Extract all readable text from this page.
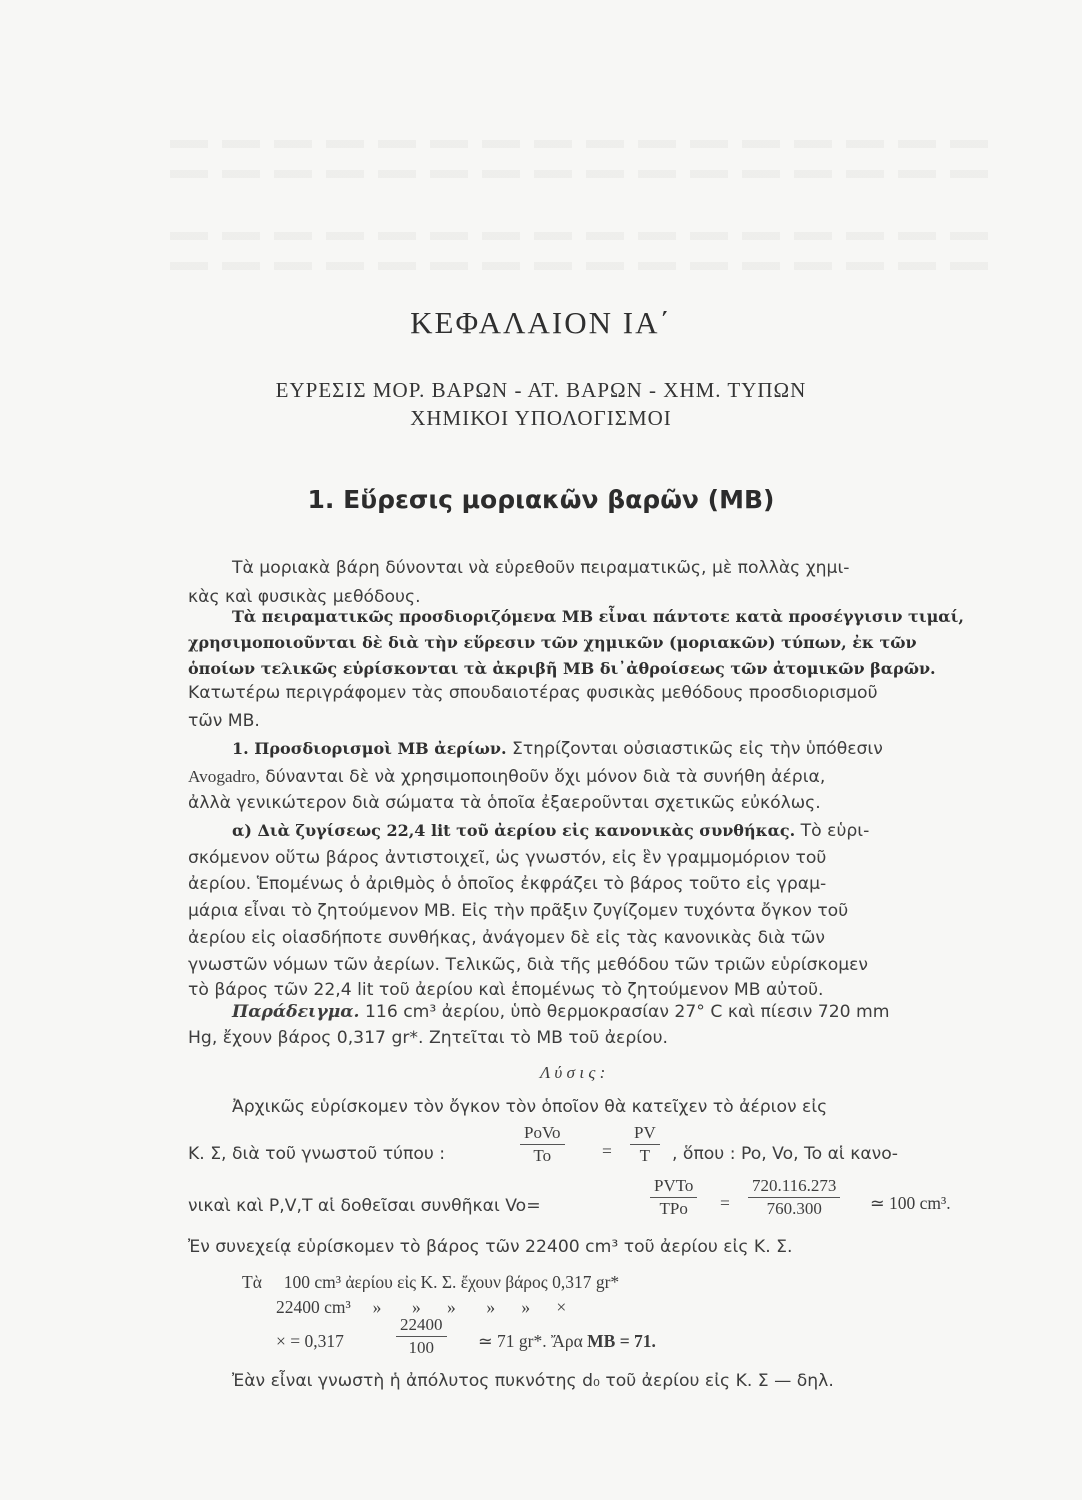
ΚΕΦΑΛΑΙΟΝ ΙΑ΄
ΕΥΡΕΣΙΣ ΜΟΡ. ΒΑΡΩΝ - ΑΤ. ΒΑΡΩΝ - ΧΗΜ. ΤΥΠΩΝ
ΧΗΜΙΚΟΙ ΥΠΟΛΟΓΙΣΜΟΙ
1. Εὕρεσις μοριακῶν βαρῶν (ΜΒ)
Τὰ μοριακὰ βάρη δύνονται νὰ εὑρεθοῦν πειραματικῶς, μὲ πολλὰς χημι-
κὰς καὶ φυσικὰς μεθόδους.
Τὰ πειραματικῶς προσδιοριζόμενα ΜΒ εἶναι πάντοτε κατὰ προσέγγισιν τιμαί,
χρησιμοποιοῦνται δὲ διὰ τὴν εὕρεσιν τῶν χημικῶν (μοριακῶν) τύπων, ἐκ τῶν
ὁποίων τελικῶς εὑρίσκονται τὰ ἀκριβῆ ΜΒ δι᾿ἀθροίσεως τῶν ἀτομικῶν βαρῶν.
Κατωτέρω περιγράφομεν τὰς σπουδαιοτέρας φυσικὰς μεθόδους προσδιορισμοῦ
τῶν ΜΒ.
1. Προσδιορισμοὶ ΜΒ ἀερίων. Στηρίζονται οὐσιαστικῶς εἰς τὴν ὑπόθεσιν
Avogadro, δύνανται δὲ νὰ χρησιμοποιηθοῦν ὄχι μόνον διὰ τὰ συνήθη ἀέρια,
ἀλλὰ γενικώτερον διὰ σώματα τὰ ὁποῖα ἐξαεροῦνται σχετικῶς εὐκόλως.
α) Διὰ ζυγίσεως 22,4 lit τοῦ ἀερίου εἰς κανονικὰς συνθήκας. Τὸ εὑρι-
σκόμενον οὕτω βάρος ἀντιστοιχεῖ, ὡς γνωστόν, εἰς ἓν γραμμομόριον τοῦ
ἀερίου. Ἑπομένως ὁ ἀριθμὸς ὁ ὁποῖος ἐκφράζει τὸ βάρος τοῦτο εἰς γραμ-
μάρια εἶναι τὸ ζητούμενον ΜΒ. Εἰς τὴν πρᾶξιν ζυγίζομεν τυχόντα ὄγκον τοῦ
ἀερίου εἰς οἱασδήποτε συνθήκας, ἀνάγομεν δὲ εἰς τὰς κανονικὰς διὰ τῶν
γνωστῶν νόμων τῶν ἀερίων. Τελικῶς, διὰ τῆς μεθόδου τῶν τριῶν εὑρίσκομεν
τὸ βάρος τῶν 22,4 lit τοῦ ἀερίου καὶ ἑπομένως τὸ ζητούμενον ΜΒ αὐτοῦ.
Παράδειγμα. 116 cm³ ἀερίου, ὑπὸ θερμοκρασίαν 27° C καὶ πίεσιν 720 mm
Hg, ἔχουν βάρος 0,317 gr*. Ζητεῖται τὸ ΜΒ τοῦ ἀερίου.
Λ ύ σ ι ς :
Ἀρχικῶς εὑρίσκομεν τὸν ὄγκον τὸν ὁποῖον θὰ κατεῖχεν τὸ ἀέριον εἰς
Κ. Σ, διὰ τοῦ γνωστοῦ τύπου :
PoVo
To	= $\frac{PV}{T}$ , ὅπου : Po, Vo, To αἱ κανο-
νικαὶ καὶ P,V,T αἱ δοθεῖσαι συνθῆκαι Vo=
PVTo
TPo	= $\frac{720.116.273}{760.300}$ ≃ 100 cm³.
Ἐν συνεχείᾳ εὑρίσκομεν τὸ βάρος τῶν 22400 cm³ τοῦ ἀερίου εἰς Κ. Σ.
Τὰ     100 cm³ ἀερίου εἰς Κ. Σ. ἔχουν βάρος 0,317 gr*
22400 cm³     »       »      »       »      »      ×
× = 0,317	$\frac{22400}{100}$ ≃ 71 gr*. Ἄρα ΜΒ = 71.
Ἐὰν εἶναι γνωστὴ ἡ ἀπόλυτος πυκνότης d₀ τοῦ ἀερίου εἰς Κ. Σ — δηλ.
